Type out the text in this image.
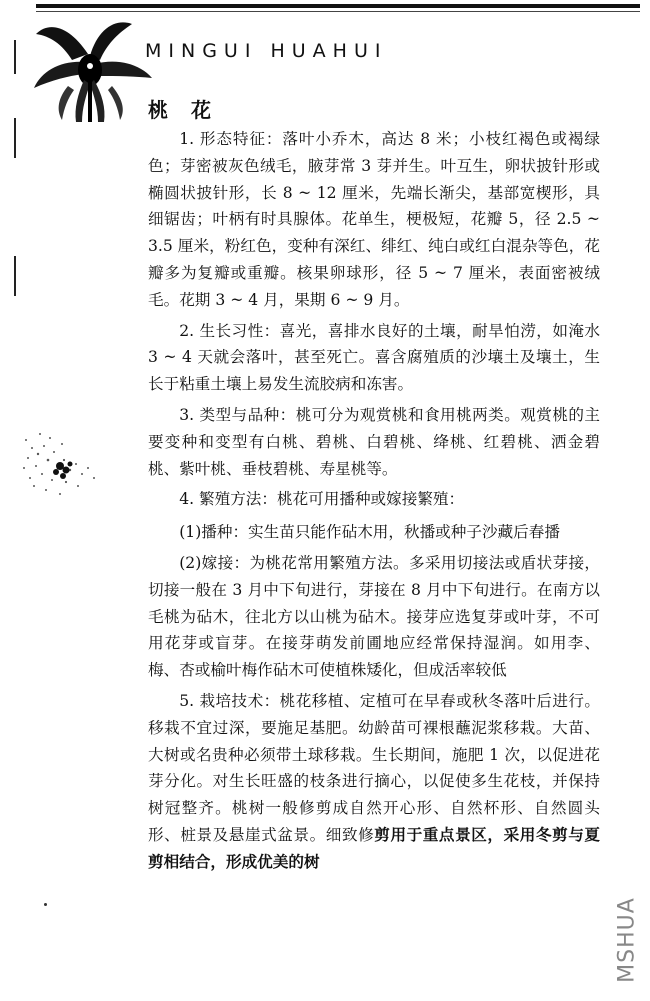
MINGUI HUAHUI
桃 花

1. 形态特征：落叶小乔木，高达 8 米；小枝红褐色或褐绿色；芽密被灰色绒毛，腋芽常 3 芽并生。叶互生，卵状披针形或椭圆状披针形，长 8 ~ 12 厘米，先端长渐尖，基部宽楔形，具细锯齿；叶柄有时具腺体。花单生，梗极短，花瓣 5，径 2.5 ~ 3.5 厘米，粉红色，变种有深红、绯红、纯白或红白混杂等色，花瓣多为复瓣或重瓣。核果卵球形，径 5 ~ 7 厘米，表面密被绒毛。花期 3 ~ 4 月，果期 6 ~ 9 月。

2. 生长习性：喜光，喜排水良好的土壤，耐旱怕涝，如淹水 3 ~ 4 天就会落叶，甚至死亡。喜含腐殖质的沙壤土及壤土，生长于粘重土壤上易发生流胶病和冻害。

3. 类型与品种：桃可分为观赏桃和食用桃两类。观赏桃的主要变种和变型有白桃、碧桃、白碧桃、绛桃、红碧桃、洒金碧桃、紫叶桃、垂枝碧桃、寿星桃等。

4. 繁殖方法：桃花可用播种或嫁接繁殖：

(1)播种：实生苗只能作砧木用，秋播或种子沙藏后春播

(2)嫁接：为桃花常用繁殖方法。多采用切接法或盾状芽接，切接一般在 3 月中下旬进行，芽接在 8 月中下旬进行。在南方以毛桃为砧木，往北方以山桃为砧木。接芽应选复芽或叶芽，不可用花芽或盲芽。在接芽萌发前圃地应经常保持湿润。如用李、梅、杏或榆叶梅作砧木可使植株矮化，但成活率较低

5. 栽培技术：桃花移植、定植可在早春或秋冬落叶后进行。移栽不宜过深，要施足基肥。幼龄苗可裸根蘸泥浆移栽。大苗、大树或名贵种必须带土球移栽。生长期间，施肥 1 次，以促进花芽分化。对生长旺盛的枝条进行摘心，以促使多生花枝，并保持树冠整齐。桃树一般修剪成自然开心形、自然杯形、自然圆头形、桩景及悬崖式盆景。细致修剪用于重点景区，采用冬剪与夏剪相结合，形成优美的树

MSHUA
